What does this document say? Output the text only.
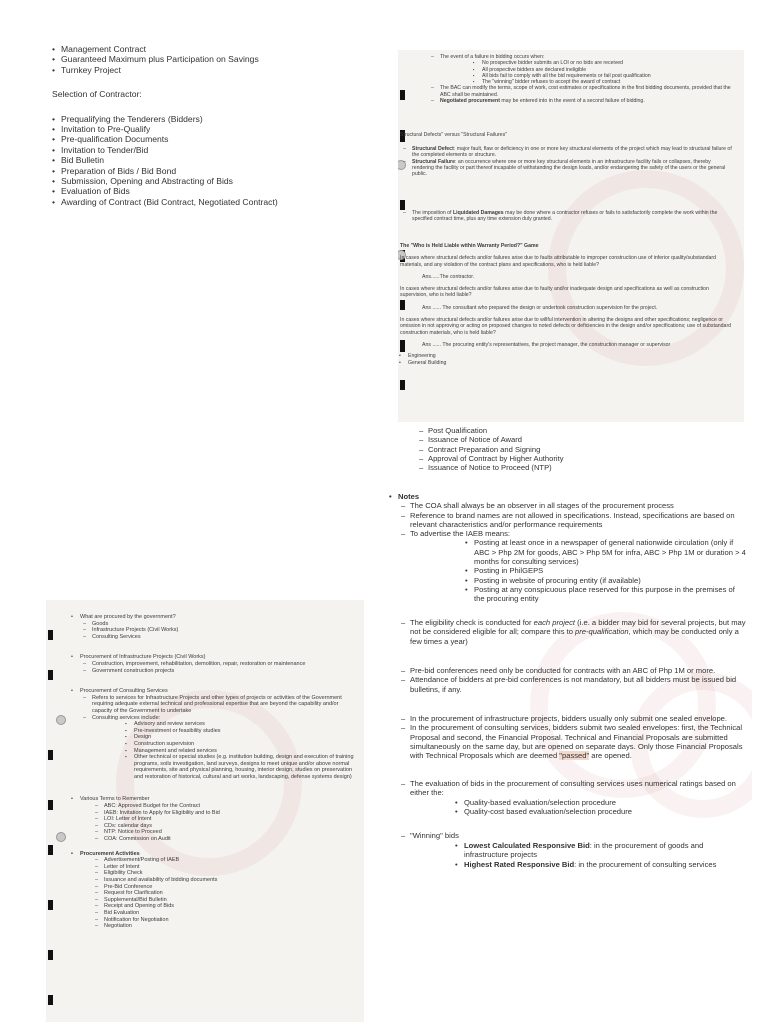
• Management Contract
• Guaranteed Maximum plus Participation on Savings
• Turnkey Project

Selection of Contractor:

• Prequalifying the Tenderers (Bidders)
• Invitation to Pre-Qualify
• Pre-qualification Documents
• Invitation to Tender/Bid
• Bid Bulletin
• Preparation of Bids / Bid Bond
• Submission, Opening and Abstracting of Bids
• Evaluation of Bids
• Awarding of Contract (Bid Contract, Negotiated Contract)
– The event of a failure in bidding occurs when:
▪ No prospective bidder submits an LOI or no bids are received
▪ All prospective bidders are declared ineligible
▪ All bids fail to comply with all the bid requirements or fail post qualification
▪ The "winning" bidder refuses to accept the award of contract
– The BAC can modify the terms, scope of work, cost estimates or specifications in the first bidding documents, provided that the ABC shall be maintained.
– Negotiated procurement may be entered into in the event of a second failure of bidding.

Structural Defects" versus "Structural Failures"

– Structural Defect: major fault, flaw or deficiency in one or more key structural elements of the project which may lead to structural failure of the completed elements or structure.
– Structural Failure: an occurrence where one or more key structural elements in an infrastructure facility fails or collapses, thereby rendering the facility or part thereof incapable of withstanding the design loads, and/or endangering the safety of the users or the general public.
– The imposition of Liquidated Damages may be done where a contractor refuses or fails to satisfactorily complete the work within the specified contract time, plus any time extension duly granted.

The "Who is Held Liable within Warranty Period?" Game

In cases where structural defects and/or failures arise due to faults attributable to improper construction use of inferior quality/substandard materials, and any violation of the contract plans and specifications, who is held liable?

Ans......The contractor.

In cases where structural defects and/or failures arise due to faulty and/or inadequate design and specifications as well as construction supervision, who is held liable?

Ans ...... The consultant who prepared the design or undertook construction supervision for the project.

In cases where structural defects and/or failures arise due to willful intervention in altering the designs and other specifications; negligence or omission in not approving or acting on proposed changes to noted defects or deficiencies in the design and/or specifications; use of substandard construction materials, who is held liable?

Ans ...... The procuring entity's representatives, the project manager, the construction manager or supervisor

• Engineering
• General Building
– Post Qualification
– Issuance of Notice of Award
– Contract Preparation and Signing
– Approval of Contract by Higher Authority
– Issuance of Notice to Proceed (NTP)

• Notes

– The COA shall always be an observer in all stages of the procurement process
– Reference to brand names are not allowed in specifications. Instead, specifications are based on relevant characteristics and/or performance requirements
– To advertise the IAEB means:
• Posting at least once in a newspaper of general nationwide circulation (only if ABC > Php 2M for goods, ABC > Php 5M for infra, ABC > Php 1M or duration > 4 months for consulting services)
• Posting in PhilGEPS
• Posting in website of procuring entity (if available)
• Posting at any conspicuous place reserved for this purpose in the premises of the procuring entity
– The eligibility check is conducted for each project (i.e. a bidder may bid for several projects, but may not be considered eligible for all; compare this to pre-qualification, which may be conducted only a few times a year)
– Pre-bid conferences need only be conducted for contracts with an ABC of Php 1M or more.
– Attendance of bidders at pre-bid conferences is not mandatory, but all bidders must be issued bid bulletins, if any.
– In the procurement of infrastructure projects, bidders usually only submit one sealed envelope.
– In the procurement of consulting services, bidders submit two sealed envelopes: first, the Technical Proposal and second, the Financial Proposal. Technical and Financial Proposals are submitted simultaneously on the same day, but are opened on separate days. Only those Financial Proposals with Technical Proposals which are deemed "passed" are opened.
– The evaluation of bids in the procurement of consulting services uses numerical ratings based on either the:
• Quality-based evaluation/selection procedure
• Quality-cost based evaluation/selection procedure
– "Winning" bids
• Lowest Calculated Responsive Bid: in the procurement of goods and infrastructure projects
• Highest Rated Responsive Bid: in the procurement of consulting services
• What are procured by the government?
– Goods
– Infrastructure Projects (Civil Works)
– Consulting Services
• Procurement of Infrastructure Projects (Civil Works)
– Construction, improvement, rehabilitation, demolition, repair, restoration or maintenance
– Government construction projects
• Procurement of Consulting Services
– Refers to services for Infrastructure Projects and other types of projects or activities of the Government requiring adequate external technical and professional expertise that are beyond the capability and/or capacity of the Government to undertake
– Consulting services include:
▪ Advisory and review services
▪ Pre-investment or feasibility studies
▪ Design
▪ Construction supervision
▪ Management and related services
▪ Other technical or special studies (e.g. institution building, design and execution of training programs, soils investigation, land surveys, designs to meet unique and/or above normal requirements, site and physical planning, housing, interior design, studies on preservation and restoration of historical, cultural and art works, landscaping, defense systems design)
• Various Terms to Remember
– ABC: Approved Budget for the Contract
– IAEB: Invitation to Apply for Eligibility and to Bid
– LOI: Letter of Intent
– CDs: calendar days
– NTP: Notice to Proceed
– COA: Commission on Audit
• Procurement Activities
– Advertisement/Posting of IAEB
– Letter of Intent
– Eligibility Check
– Issuance and availability of bidding documents
– Pre-Bid Conference
– Request for Clarification
– Supplemental/Bid Bulletin
– Receipt and Opening of Bids
– Bid Evaluation
– Notification for Negotiation
– Negotiation
